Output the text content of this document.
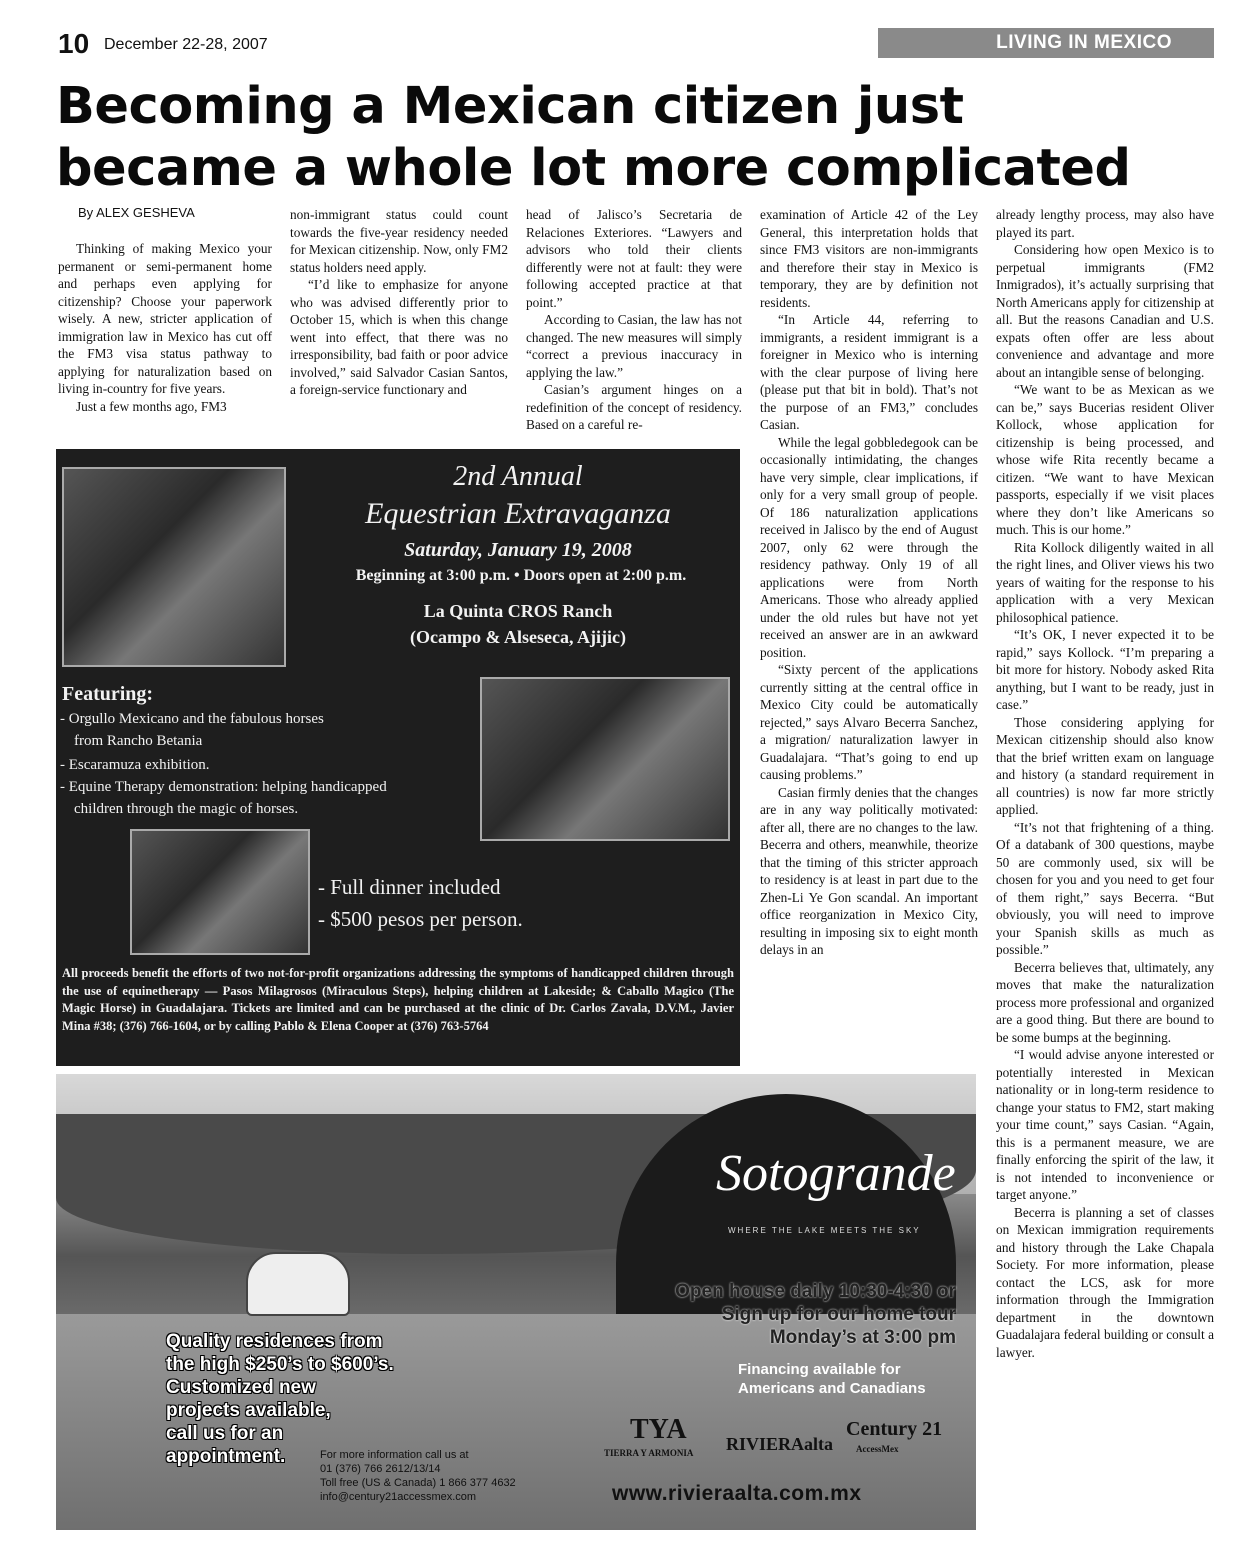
10 December 22-28, 2007	LIVING IN MEXICO
Becoming a Mexican citizen just
became a whole lot more complicated

By ALEX GESHEVA

Thinking of making Mexico your permanent or semi-permanent home and perhaps even applying for citizenship? Choose your paperwork wisely. A new, stricter application of immigration law in Mexico has cut off the FM3 visa status pathway to applying for naturalization based on living in-country for five years.

Just a few months ago, FM3

non-immigrant status could count towards the five-year residency needed for Mexican citizenship. Now, only FM2 status holders need apply.

“I’d like to emphasize for anyone who was advised differently prior to October 15, which is when this change went into effect, that there was no irresponsibility, bad faith or poor advice involved,” said Salvador Casian Santos, a foreign-service functionary and

head of Jalisco’s Secretaria de Relaciones Exteriores. “Lawyers and advisors who told their clients differently were not at fault: they were following accepted practice at that point.”

According to Casian, the law has not changed. The new measures will simply “correct a previous inaccuracy in applying the law.”

Casian’s argument hinges on a redefinition of the concept of residency. Based on a careful re-

examination of Article 42 of the Ley General, this interpretation holds that since FM3 visitors are non-immigrants and therefore their stay in Mexico is temporary, they are by definition not residents.

“In Article 44, referring to immigrants, a resident immigrant is a foreigner in Mexico who is interning with the clear purpose of living here (please put that bit in bold). That’s not the purpose of an FM3,” concludes Casian.

While the legal gobbledegook can be occasionally intimidating, the changes have very simple, clear implications, if only for a very small group of people. Of 186 naturalization applications received in Jalisco by the end of August 2007, only 62 were through the residency pathway. Only 19 of all applications were from North Americans. Those who already applied under the old rules but have not yet received an answer are in an awkward position.

“Sixty percent of the applications currently sitting at the central office in Mexico City could be automatically rejected,” says Alvaro Becerra Sanchez, a migration/ naturalization lawyer in Guadalajara. “That’s going to end up causing problems.”

Casian firmly denies that the changes are in any way politically motivated: after all, there are no changes to the law. Becerra and others, meanwhile, theorize that the timing of this stricter approach to residency is at least in part due to the Zhen-Li Ye Gon scandal. An important office reorganization in Mexico City, resulting in imposing six to eight month delays in an

already lengthy process, may also have played its part.

Considering how open Mexico is to perpetual immigrants (FM2 Inmigrados), it’s actually surprising that North Americans apply for citizenship at all. But the reasons Canadian and U.S. expats often offer are less about convenience and advantage and more about an intangible sense of belonging.

“We want to be as Mexican as we can be,” says Bucerias resident Oliver Kollock, whose application for citizenship is being processed, and whose wife Rita recently became a citizen. “We want to have Mexican passports, especially if we visit places where they don’t like Americans so much. This is our home.”

Rita Kollock diligently waited in all the right lines, and Oliver views his two years of waiting for the response to his application with a very Mexican philosophical patience.

“It’s OK, I never expected it to be rapid,” says Kollock. “I’m preparing a bit more for history. Nobody asked Rita anything, but I want to be ready, just in case.”

Those considering applying for Mexican citizenship should also know that the brief written exam on language and history (a standard requirement in all countries) is now far more strictly applied.

“It’s not that frightening of a thing. Of a databank of 300 questions, maybe 50 are commonly used, six will be chosen for you and you need to get four of them right,” says Becerra. “But obviously, you will need to improve your Spanish skills as much as possible.”

Becerra believes that, ultimately, any moves that make the naturalization process more professional and organized are a good thing. But there are bound to be some bumps at the beginning.

“I would advise anyone interested or potentially interested in Mexican nationality or in long-term residence to change your status to FM2, start making your time count,” says Casian. “Again, this is a permanent measure, we are finally enforcing the spirit of the law, it is not intended to inconvenience or target anyone.”

Becerra is planning a set of classes on Mexican immigration requirements and history through the Lake Chapala Society. For more information, please contact the LCS, ask for more information through the Immigration department in the downtown Guadalajara federal building or consult a lawyer.

2nd Annual
Equestrian Extravaganza
Saturday, January 19, 2008
Beginning at 3:00 p.m. • Doors open at 2:00 p.m.
La Quinta CROS Ranch
(Ocampo & Alseseca, Ajijic)
Featuring:
- Orgullo Mexicano and the fabulous horses
from Rancho Betania
- Escaramuza exhibition.
- Equine Therapy demonstration: helping handicapped
children through the magic of horses.
- Full dinner included
- $500 pesos per person.
All proceeds benefit the efforts of two not-for-profit organizations addressing the symptoms of handicapped children through the use of equinetherapy — Pasos Milagrosos (Miraculous Steps), helping children at Lakeside; & Caballo Magico (The Magic Horse) in Guadalajara. Tickets are limited and can be purchased at the clinic of Dr. Carlos Zavala, D.V.M., Javier Mina #38; (376) 766-1604, or by calling Pablo & Elena Cooper at (376) 763-5764
Sotogrande
WHERE THE LAKE MEETS THE SKY
Open house daily 10:30-4:30 or
Sign up for our home tour
Monday’s at 3:00 pm
Financing available for
Americans and Canadians
Quality residences from
the high $250’s to $600’s.
Customized new
projects available,
call us for an
appointment.
TYA
TIERRA Y ARMONIA RIVIERAalta
Century 21
AccessMex
For more information call us at
01 (376) 766 2612/13/14
Toll free (US & Canada) 1 866 377 4632
info@century21accessmex.com	www.rivieraalta.com.mx
